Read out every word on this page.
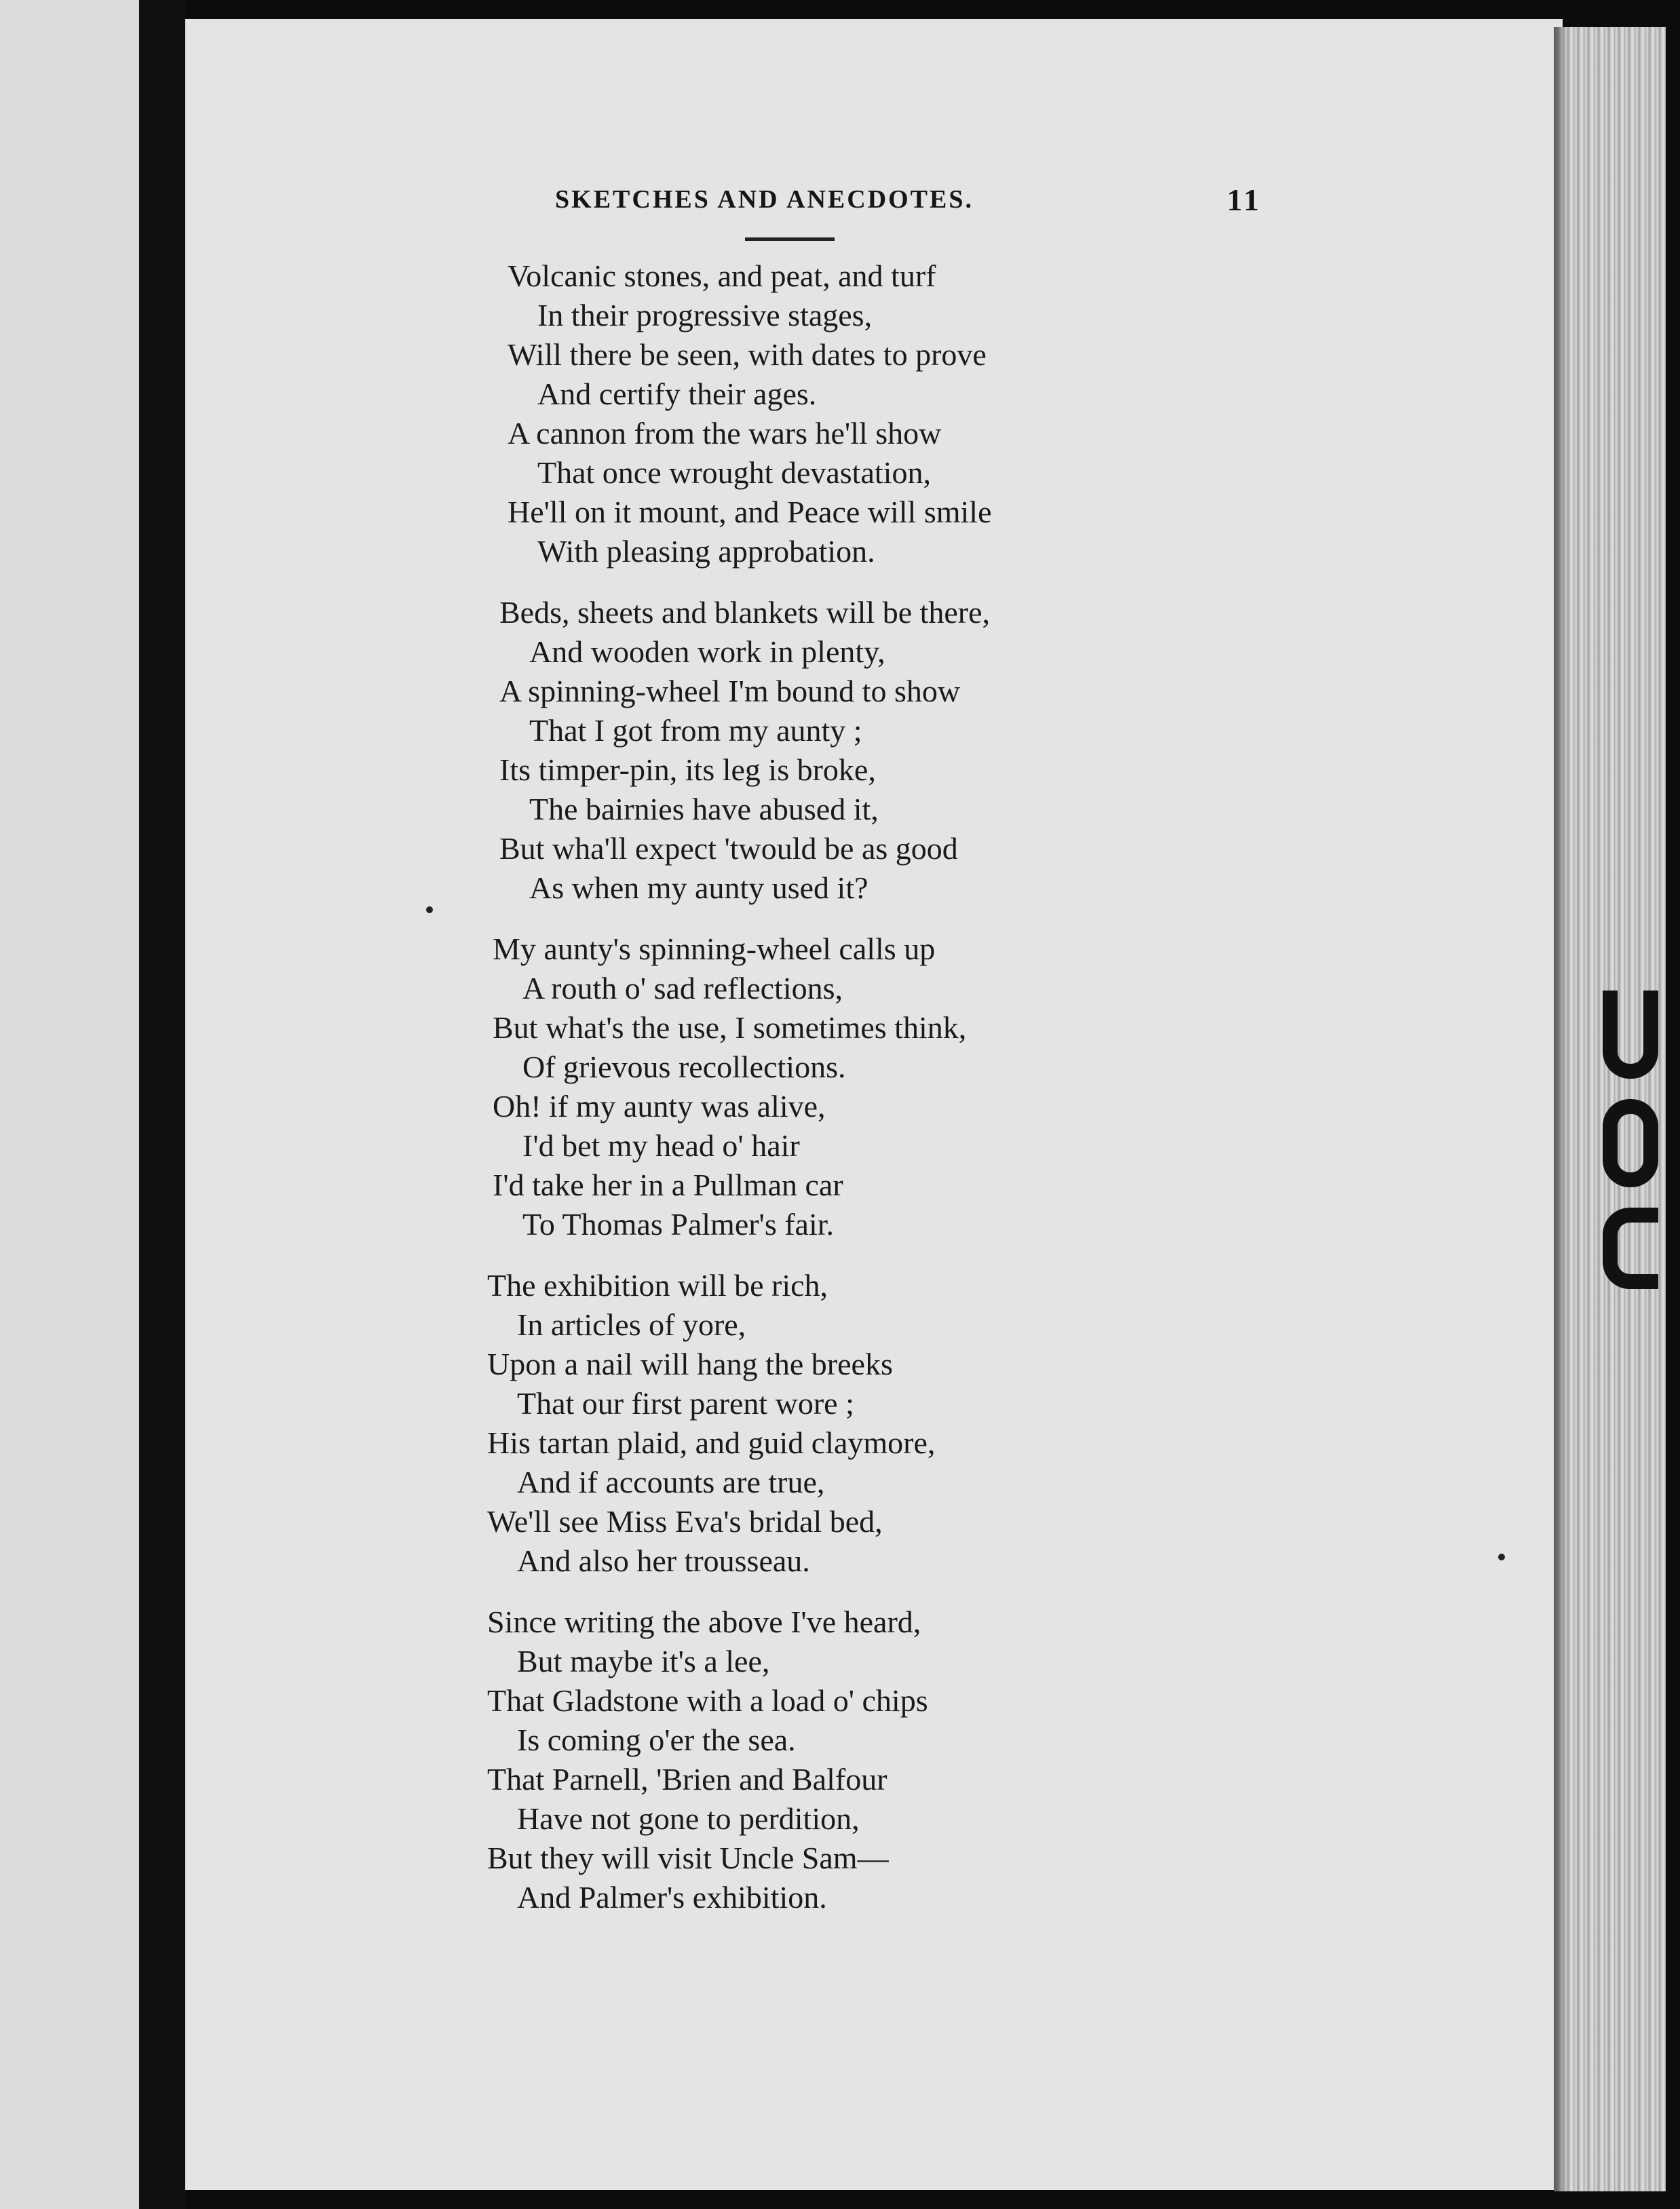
SKETCHES AND ANECDOTES.	11
Volcanic stones, and peat, and turf
In their progressive stages,
Will there be seen, with dates to prove
And certify their ages.
A cannon from the wars he'll show
That once wrought devastation,
He'll on it mount, and Peace will smile
With pleasing approbation.
Beds, sheets and blankets will be there,
And wooden work in plenty,
A spinning-wheel I'm bound to show
That I got from my aunty ;
Its timper-pin, its leg is broke,
The bairnies have abused it,
But wha'll expect 'twould be as good
As when my aunty used it?
My aunty's spinning-wheel calls up
A routh o' sad reflections,
But what's the use, I sometimes think,
Of grievous recollections.
Oh! if my aunty was alive,
I'd bet my head o' hair
I'd take her in a Pullman car
To Thomas Palmer's fair.
The exhibition will be rich,
In articles of yore,
Upon a nail will hang the breeks
That our first parent wore ;
His tartan plaid, and guid claymore,
And if accounts are true,
We'll see Miss Eva's bridal bed,
And also her trousseau.
Since writing the above I've heard,
But maybe it's a lee,
That Gladstone with a load o' chips
Is coming o'er the sea.
That Parnell, 'Brien and Balfour
Have not gone to perdition,
But they will visit Uncle Sam—
And Palmer's exhibition.
